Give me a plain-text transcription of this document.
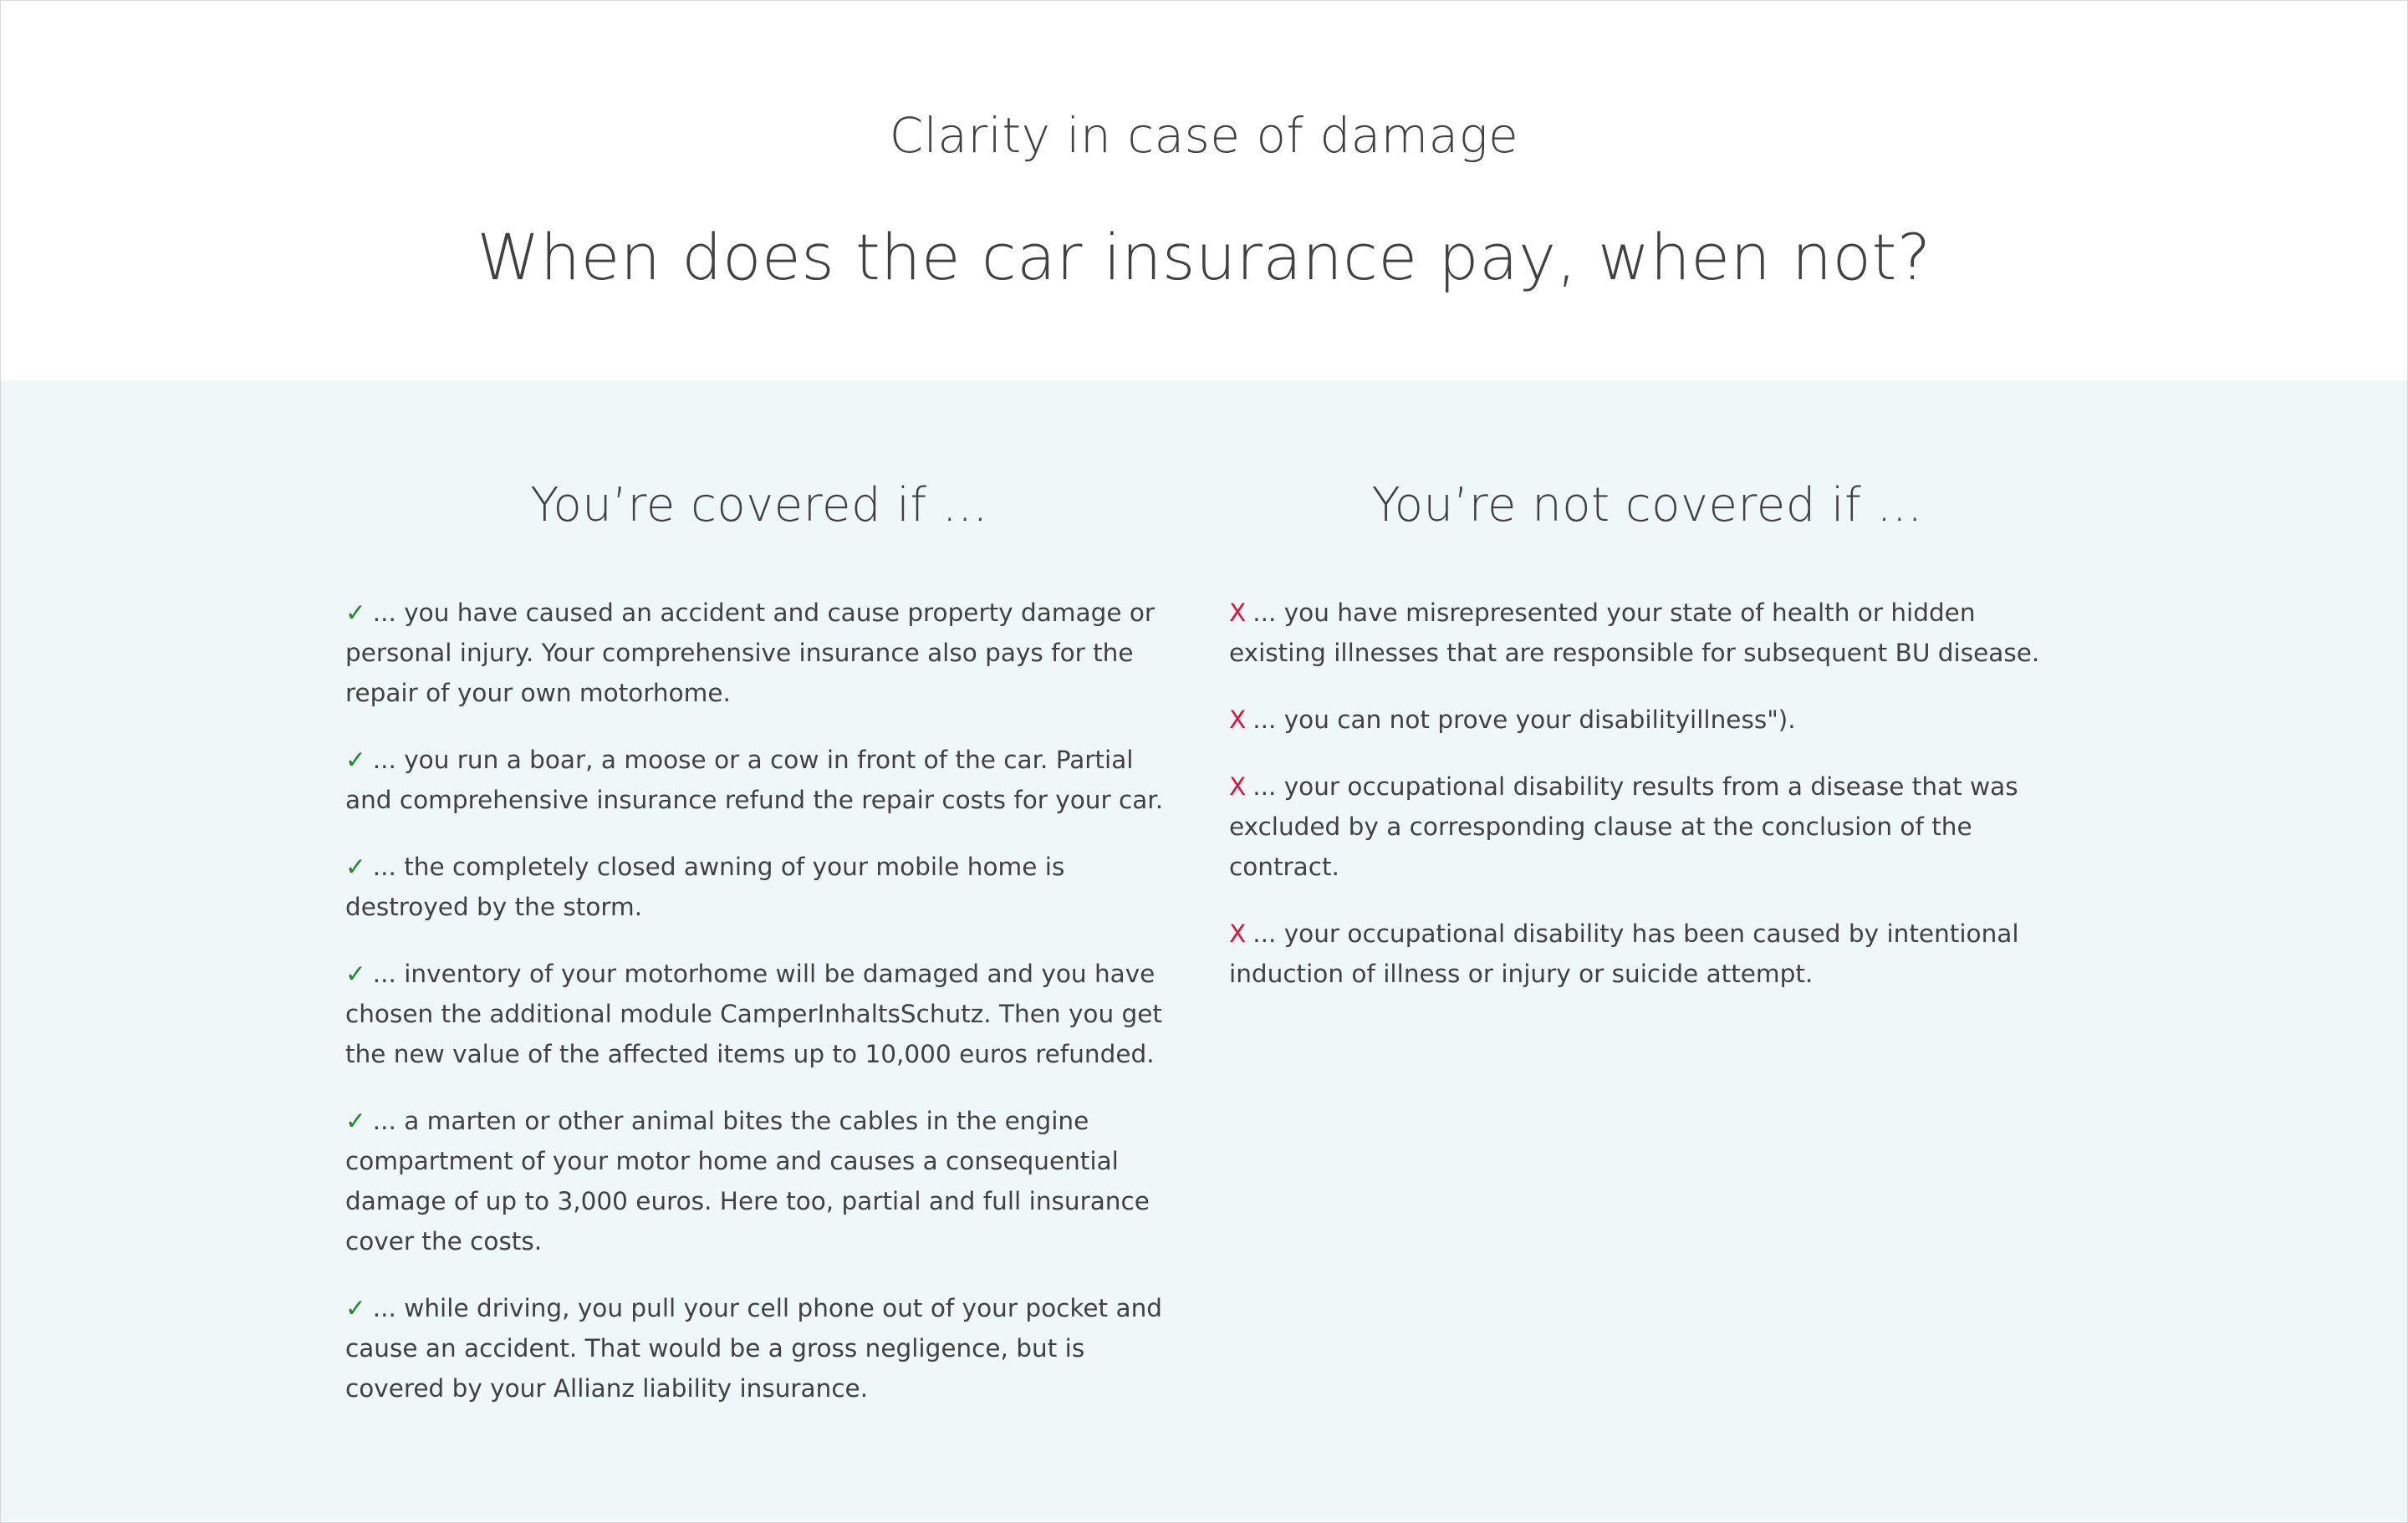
Clarity in case of damage
When does the car insurance pay, when not?
You’re covered if ...
✓ ... you have caused an accident and cause property damage or personal injury. Your comprehensive insurance also pays for the repair of your own motorhome.
✓ ... you run a boar, a moose or a cow in front of the car. Partial and comprehensive insurance refund the repair costs for your car.
✓ ... the completely closed awning of your mobile home is destroyed by the storm.
✓ ... inventory of your motorhome will be damaged and you have chosen the additional module CamperInhaltsSchutz. Then you get the new value of the affected items up to 10,000 euros refunded.
✓ ... a marten or other animal bites the cables in the engine compartment of your motor home and causes a consequential damage of up to 3,000 euros. Here too, partial and full insurance cover the costs.
✓ ... while driving, you pull your cell phone out of your pocket and cause an accident. That would be a gross negligence, but is covered by your Allianz liability insurance.
You’re not covered if ...
X ... you have misrepresented your state of health or hidden existing illnesses that are responsible for subsequent BU disease.
X ... you can not prove your disabilityillness").
X ... your occupational disability results from a disease that was excluded by a corresponding clause at the conclusion of the contract.
X ... your occupational disability has been caused by intentional induction of illness or injury or suicide attempt.
